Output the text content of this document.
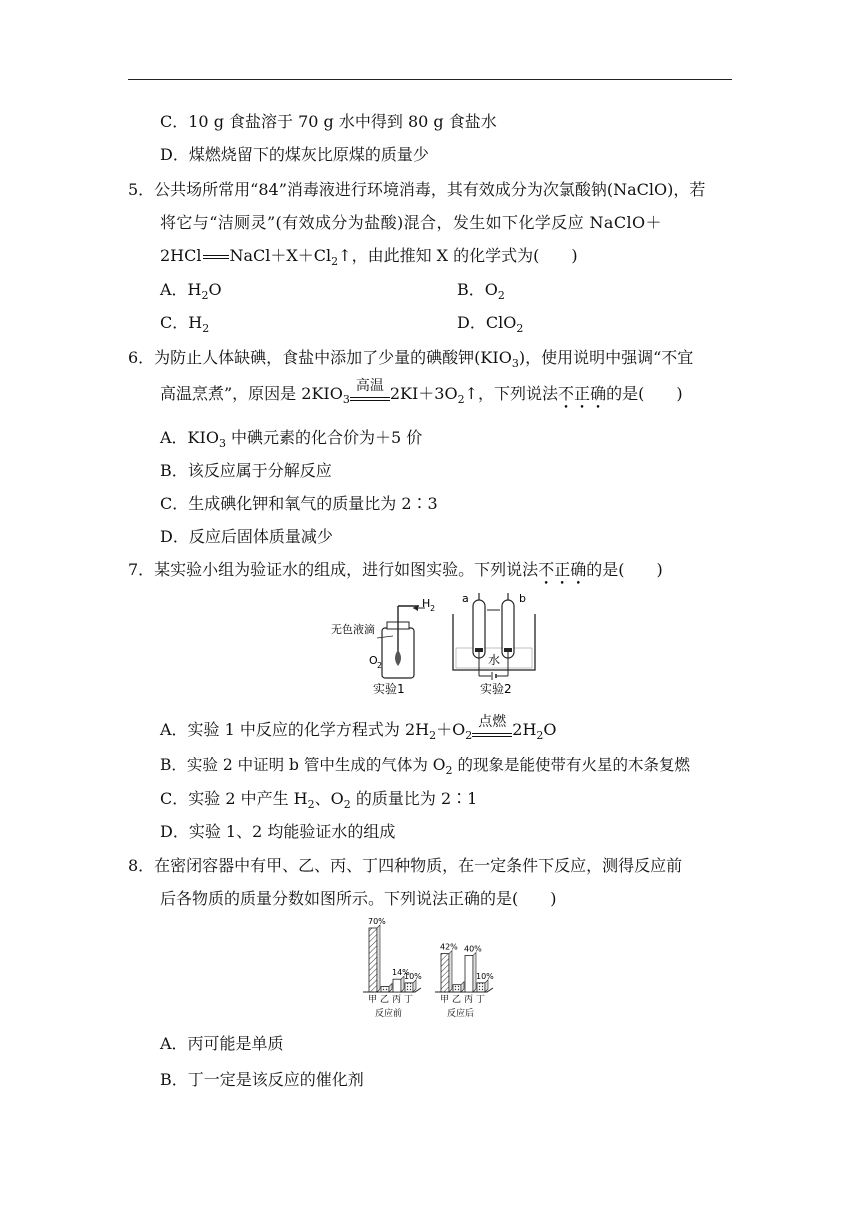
C．10 g 食盐溶于 70 g 水中得到 80 g 食盐水
D．煤燃烧留下的煤灰比原煤的质量少
5．公共场所常用“84”消毒液进行环境消毒，其有效成分为次氯酸钠(NaClO)，若
将它与“洁厕灵”(有效成分为盐酸)混合，发生如下化学反应 NaClO＋
2HCl $NaCl+X+Cl_2↑$，由此推知 X 的化学式为(　　)
A．$H_2O$	B．$O_2$
C．$H_2$	D．ClO$_2$
6．为防止人体缺碘，食盐中添加了少量的碘酸钾$(KIO_3)$，使用说明中强调“不宜
高温烹煮”，原因是 $2KIO_3$
高温 $2KI+3O_2↑$，下列说法不正确的是(　　)
A．$KIO_3$ 中碘元素的化合价为＋5 价
B．该反应属于分解反应
C．生成碘化钾和氧气的质量比为 2∶3
D．反应后固体质量减少
7．某实验小组为验证水的组成，进行如图实验。下列说法不正确的是(　　)
无色液滴
H 2
O 2
实验1
a	b
水
实验2
A．实验 1 中反应的化学方程式为 $2H_2+O_2$
点燃 $2H_2O$
B．实验 2 中证明 b 管中生成的气体为 $O_2$ 的现象是能使带有火星的木条复燃
C．实验 2 中产生 $H_2$、$O_2$ 的质量比为 2∶1
D．实验 1、2 均能验证水的组成
8．在密闭容器中有甲、乙、丙、丁四种物质，在一定条件下反应，测得反应前
后各物质的质量分数如图所示。下列说法正确的是(　　)
70%
甲 乙
14%
丙
10%
丁
反应前
42%
甲 乙
40%
丙
10%
丁
反应后
A．丙可能是单质
B．丁一定是该反应的催化剂
